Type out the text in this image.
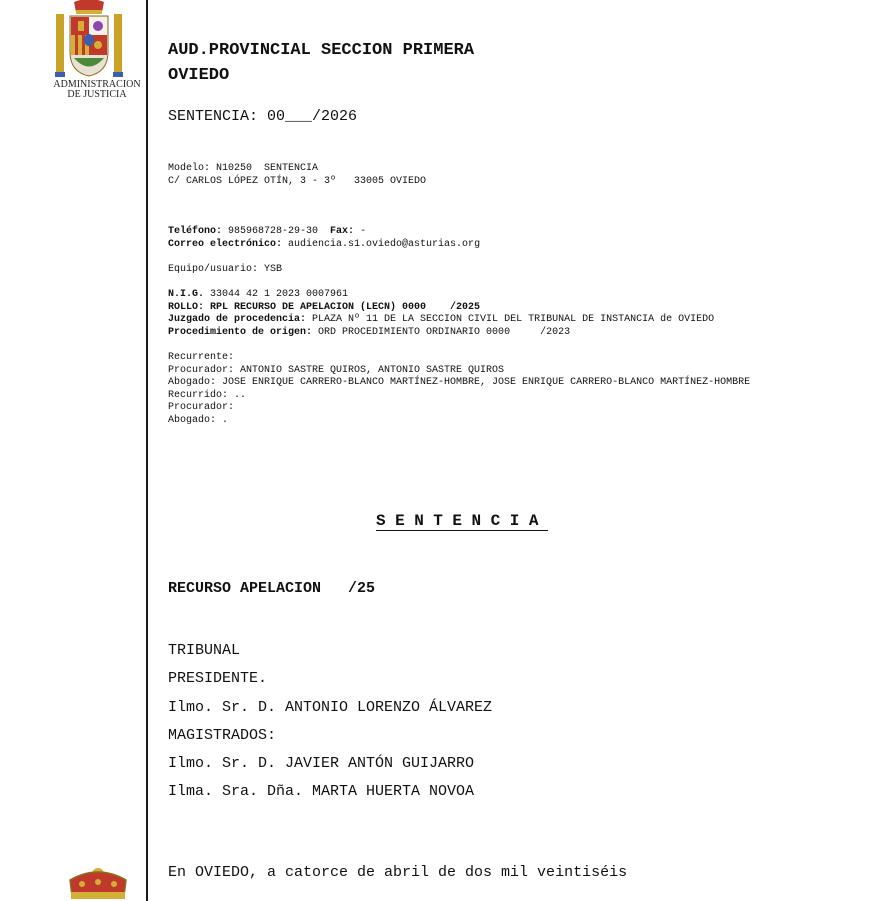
ADMINISTRACION
DE JUSTICIA
AUD.PROVINCIAL SECCION PRIMERA
OVIEDO
SENTENCIA: 00___/2026
Modelo: N10250  SENTENCIA
C/ CARLOS LÓPEZ OTÍN, 3 - 3º   33005 OVIEDO
Teléfono: 985968728-29-30  Fax: -
Correo electrónico: audiencia.s1.oviedo@asturias.org
Equipo/usuario: YSB
N.I.G. 33044 42 1 2023 0007961
ROLLO: RPL RECURSO DE APELACION (LECN) 0000    /2025
Juzgado de procedencia: PLAZA Nº 11 DE LA SECCION CIVIL DEL TRIBUNAL DE INSTANCIA de OVIEDO
Procedimiento de origen: ORD PROCEDIMIENTO ORDINARIO 0000     /2023
Recurrente:
Procurador: ANTONIO SASTRE QUIROS, ANTONIO SASTRE QUIROS
Abogado: JOSE ENRIQUE CARRERO-BLANCO MARTÍNEZ-HOMBRE, JOSE ENRIQUE CARRERO-BLANCO MARTÍNEZ-HOMBRE
Recurrido: ..
Procurador:
Abogado: .
SENTENCIA
RECURSO APELACION   /25
TRIBUNAL
PRESIDENTE.
Ilmo. Sr. D. ANTONIO LORENZO ÁLVAREZ
MAGISTRADOS:
Ilmo. Sr. D. JAVIER ANTÓN GUIJARRO
Ilma. Sra. Dña. MARTA HUERTA NOVOA
En OVIEDO, a catorce de abril de dos mil veintiséis
